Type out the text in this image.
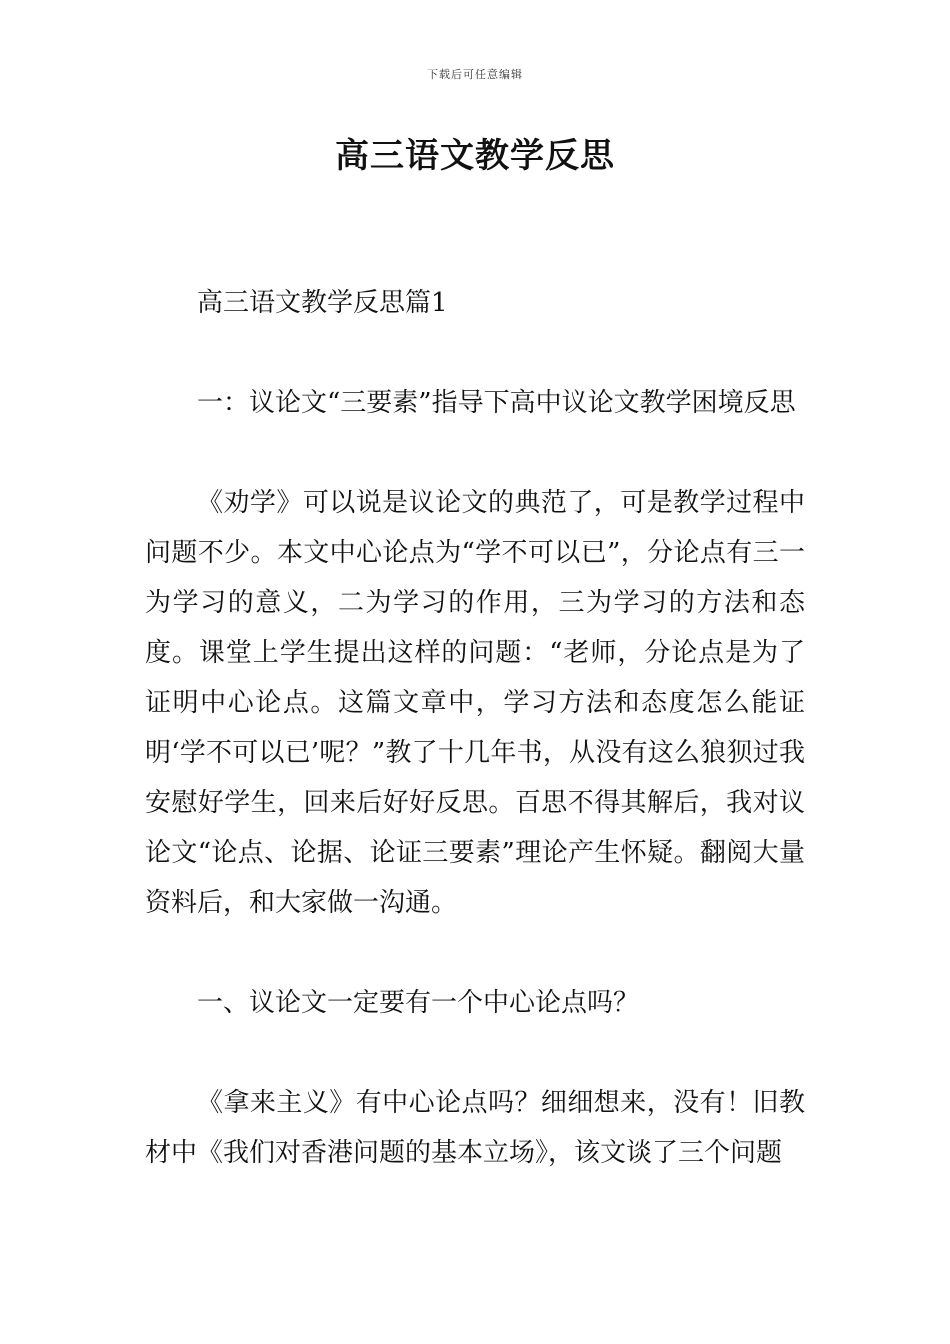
下载后可任意编辑
高三语文教学反思

高三语文教学反思篇1

一：议论文“三要素”指导下高中议论文教学困境反思

《劝学》可以说是议论文的典范了，可是教学过程中问题不少。本文中心论点为“学不可以已”，分论点有三一为学习的意义，二为学习的作用，三为学习的方法和态度。课堂上学生提出这样的问题：“老师，分论点是为了证明中心论点。这篇文章中，学习方法和态度怎么能证明‘学不可以已’呢？”教了十几年书，从没有这么狼狈过我安慰好学生，回来后好好反思。百思不得其解后，我对议论文“论点、论据、论证三要素”理论产生怀疑。翻阅大量资料后，和大家做一沟通。

一、议论文一定要有一个中心论点吗？

《拿来主义》有中心论点吗？细细想来，没有！旧教材中《我们对香港问题的基本立场》，该文谈了三个问题
